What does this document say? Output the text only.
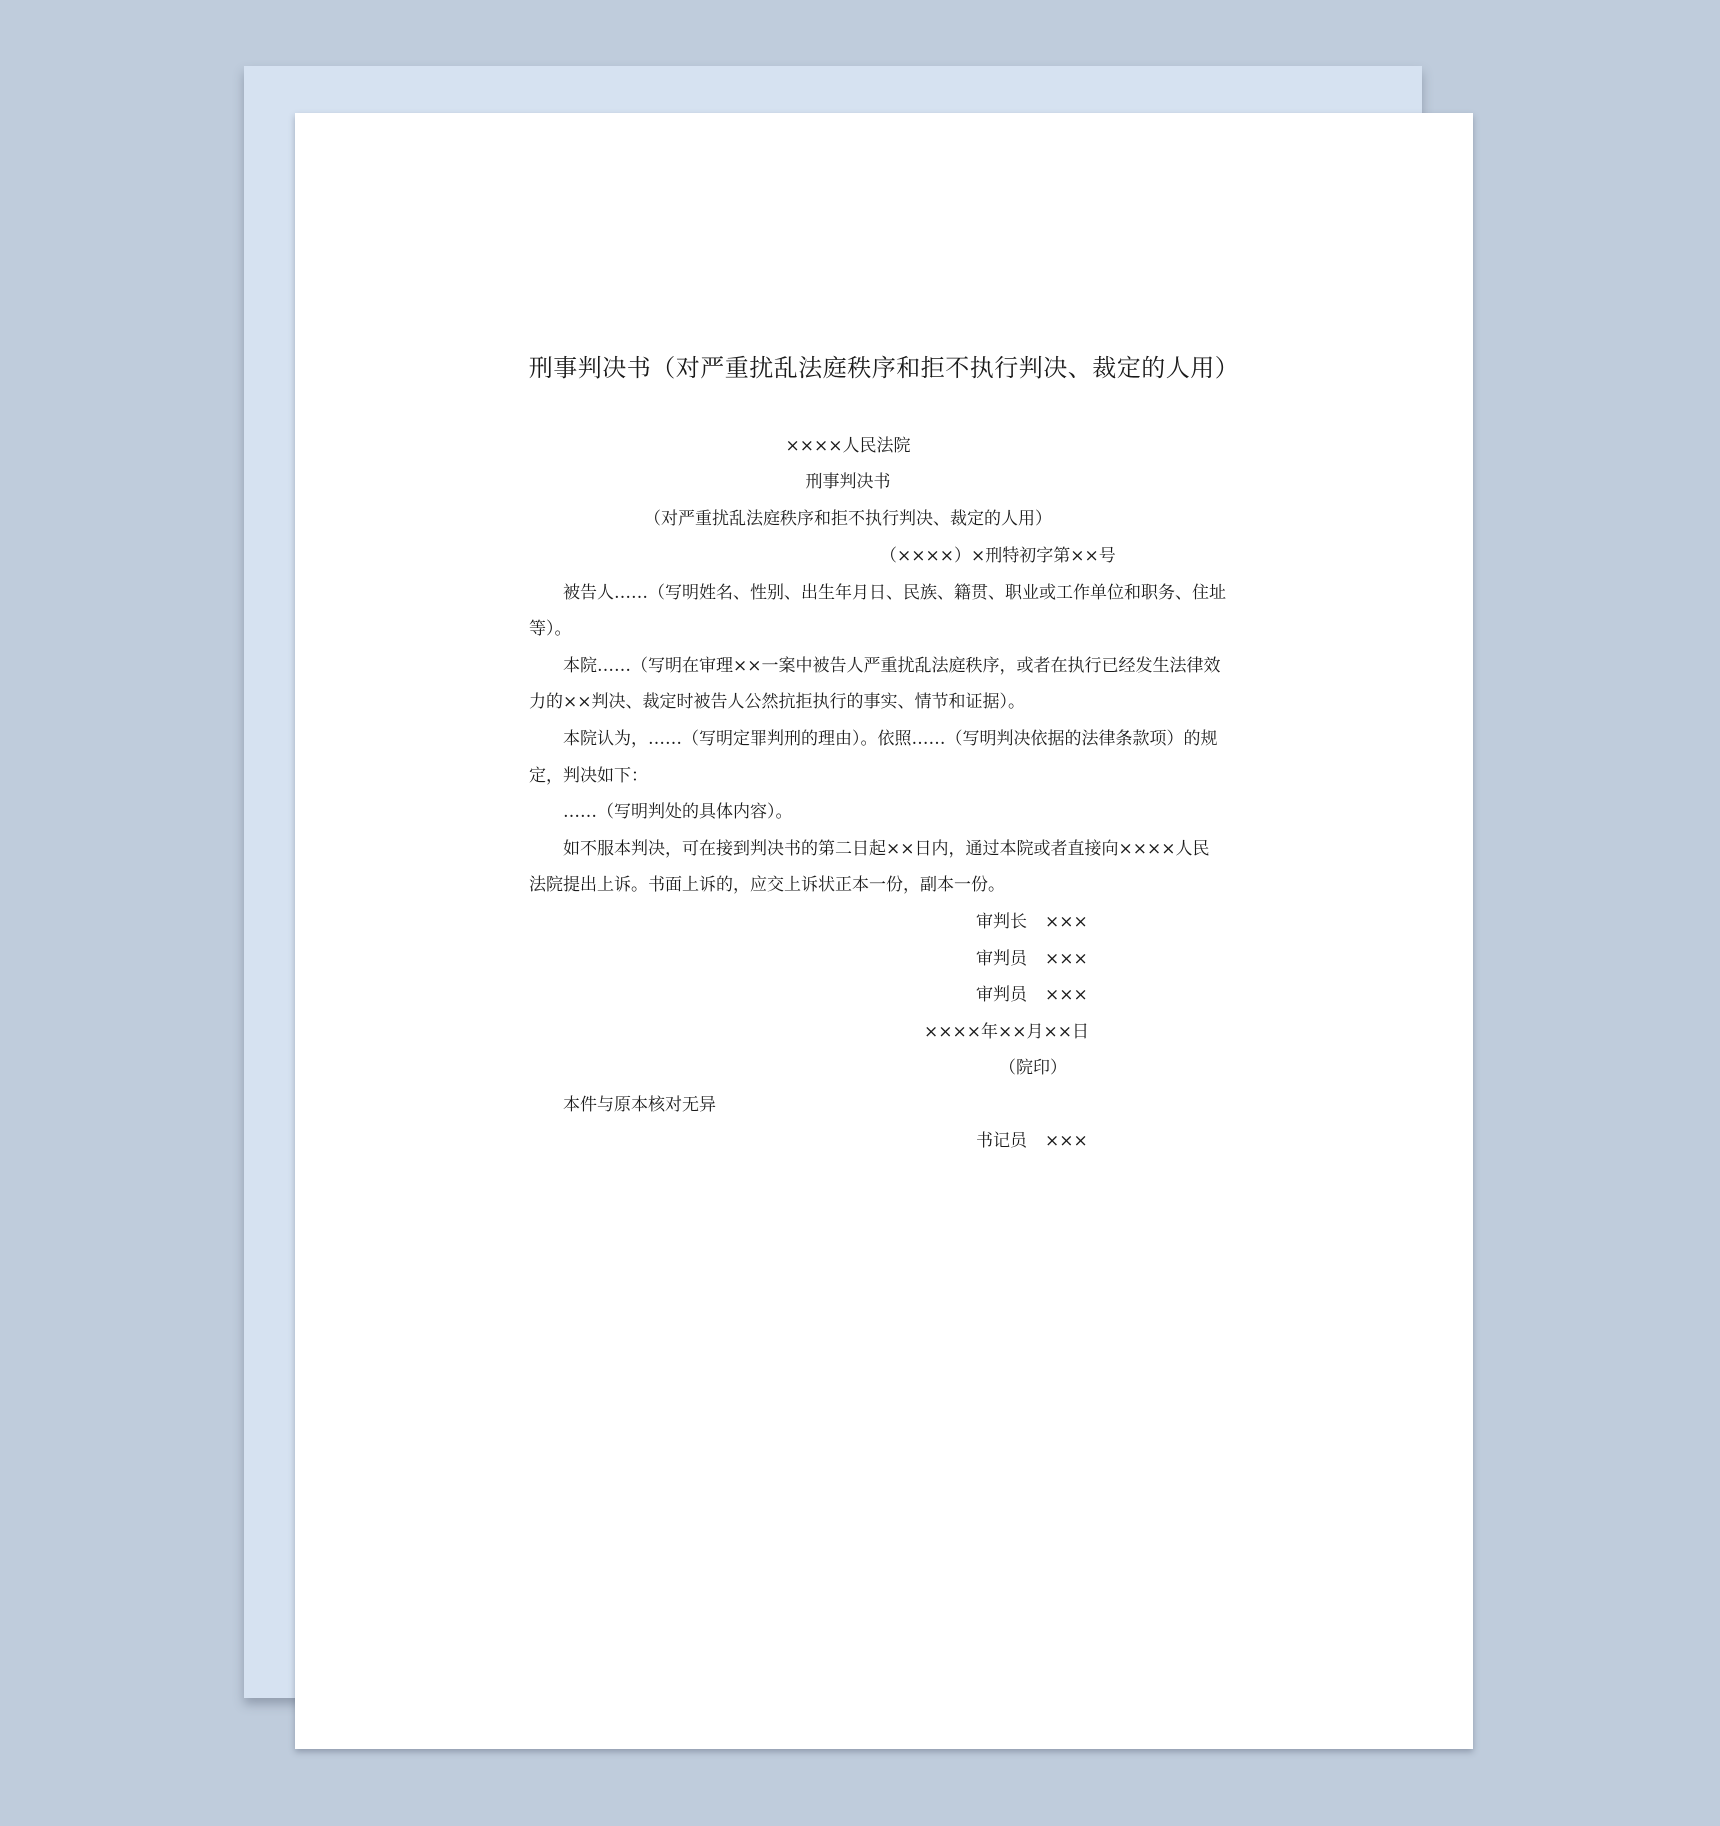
刑事判决书（对严重扰乱法庭秩序和拒不执行判决、裁定的人用）
××××人民法院
刑事判决书
（对严重扰乱法庭秩序和拒不执行判决、裁定的人用）
（××××）×刑特初字第××号
被告人……（写明姓名、性别、出生年月日、民族、籍贯、职业或工作单位和职务、住址
等）。
本院……（写明在审理××一案中被告人严重扰乱法庭秩序，或者在执行已经发生法律效
力的××判决、裁定时被告人公然抗拒执行的事实、情节和证据）。
本院认为，……（写明定罪判刑的理由）。依照……（写明判决依据的法律条款项）的规
定，判决如下：
……（写明判处的具体内容）。
如不服本判决，可在接到判决书的第二日起××日内，通过本院或者直接向××××人民
法院提出上诉。书面上诉的，应交上诉状正本一份，副本一份。
审判长 ×××
审判员 ×××
审判员 ×××
××××年××月××日
（院印）
本件与原本核对无异
书记员 ×××
